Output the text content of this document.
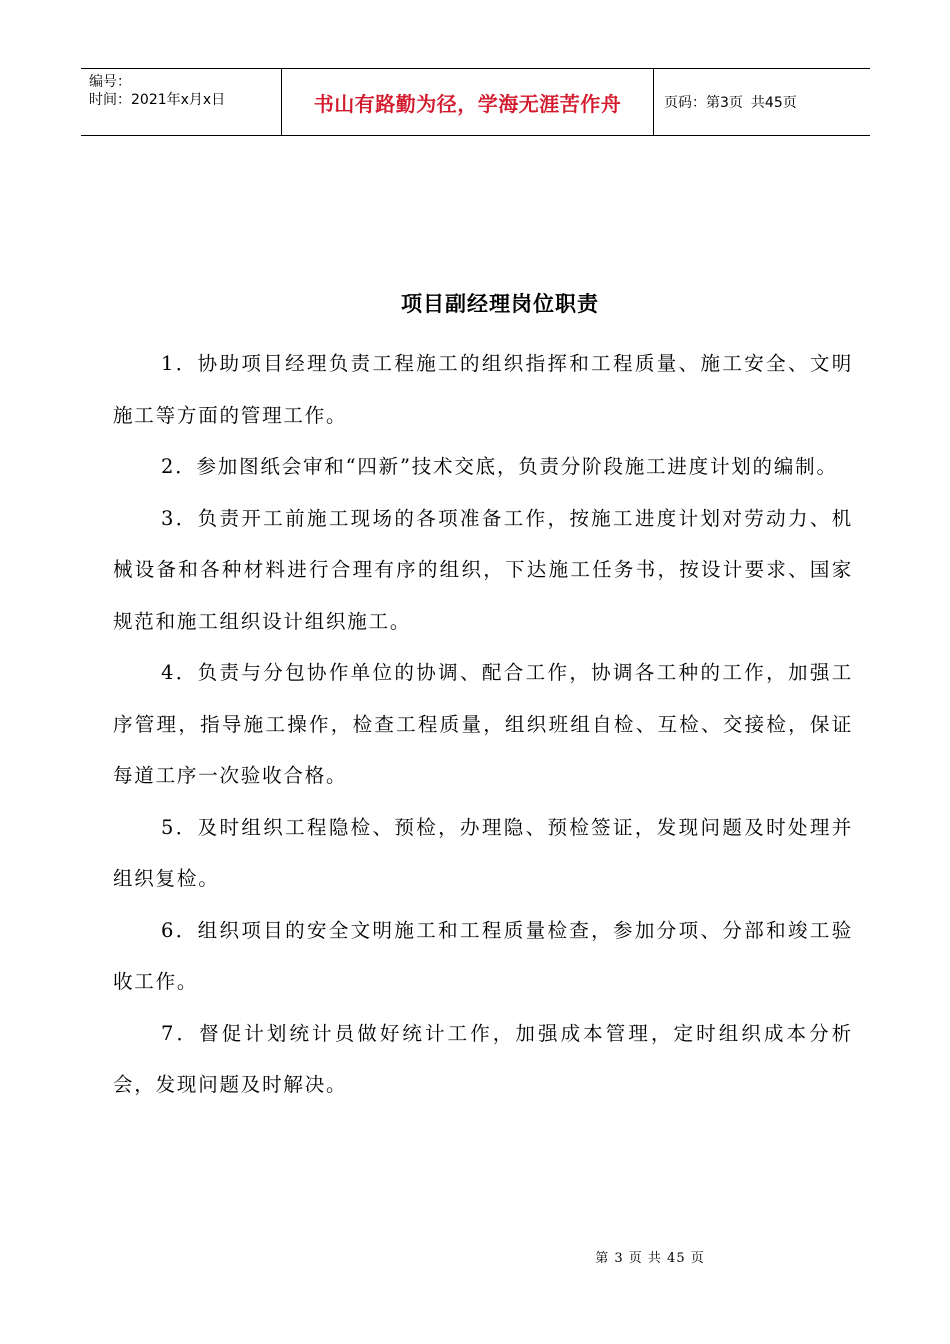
编号：
时间：2021年x月x日	书山有路勤为径，学海无涯苦作舟	页码：第3页 共45页
项目副经理岗位职责

1．协助项目经理负责工程施工的组织指挥和工程质量、施工安全、文明施工等方面的管理工作。

2．参加图纸会审和“四新”技术交底，负责分阶段施工进度计划的编制。

3．负责开工前施工现场的各项准备工作，按施工进度计划对劳动力、机械设备和各种材料进行合理有序的组织，下达施工任务书，按设计要求、国家规范和施工组织设计组织施工。

4．负责与分包协作单位的协调、配合工作，协调各工种的工作，加强工序管理，指导施工操作，检查工程质量，组织班组自检、互检、交接检，保证每道工序一次验收合格。

5．及时组织工程隐检、预检，办理隐、预检签证，发现问题及时处理并组织复检。

6．组织项目的安全文明施工和工程质量检查，参加分项、分部和竣工验收工作。

7．督促计划统计员做好统计工作，加强成本管理，定时组织成本分析会，发现问题及时解决。

第 3 页 共 45 页
